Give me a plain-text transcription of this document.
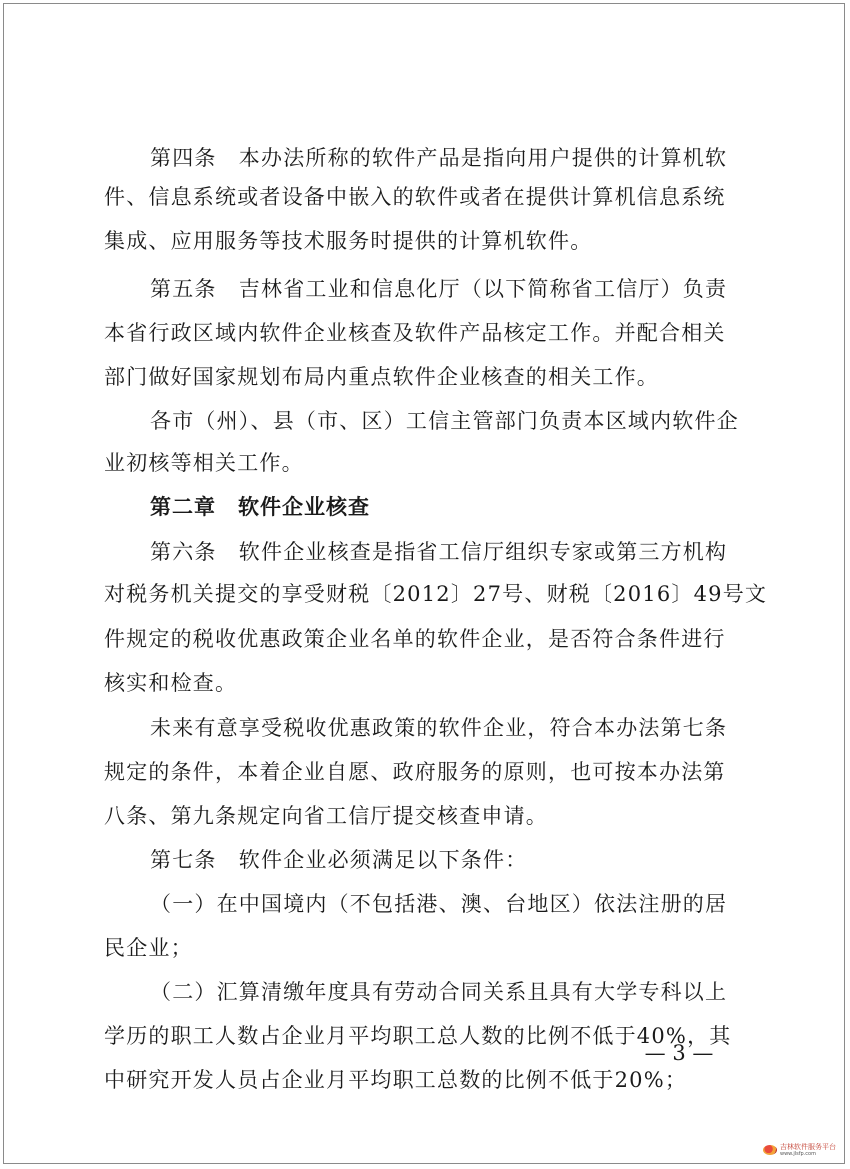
第四条　本办法所称的软件产品是指向用户提供的计算机软
件、信息系统或者设备中嵌入的软件或者在提供计算机信息系统
集成、应用服务等技术服务时提供的计算机软件。
第五条　吉林省工业和信息化厅（以下简称省工信厅）负责
本省行政区域内软件企业核查及软件产品核定工作。并配合相关
部门做好国家规划布局内重点软件企业核查的相关工作。
各市（州）、县（市、区）工信主管部门负责本区域内软件企
业初核等相关工作。
第二章　软件企业核查
第六条　软件企业核查是指省工信厅组织专家或第三方机构
对税务机关提交的享受财税〔2012〕27号、财税〔2016〕49号文
件规定的税收优惠政策企业名单的软件企业，是否符合条件进行
核实和检查。
未来有意享受税收优惠政策的软件企业，符合本办法第七条
规定的条件，本着企业自愿、政府服务的原则，也可按本办法第
八条、第九条规定向省工信厅提交核查申请。
第七条　软件企业必须满足以下条件：
（一）在中国境内（不包括港、澳、台地区）依法注册的居
民企业；
（二）汇算清缴年度具有劳动合同关系且具有大学专科以上
学历的职工人数占企业月平均职工总人数的比例不低于40%，其
中研究开发人员占企业月平均职工总数的比例不低于20%；
— 3 —
吉林软件服务平台
www.jlsfp.com
